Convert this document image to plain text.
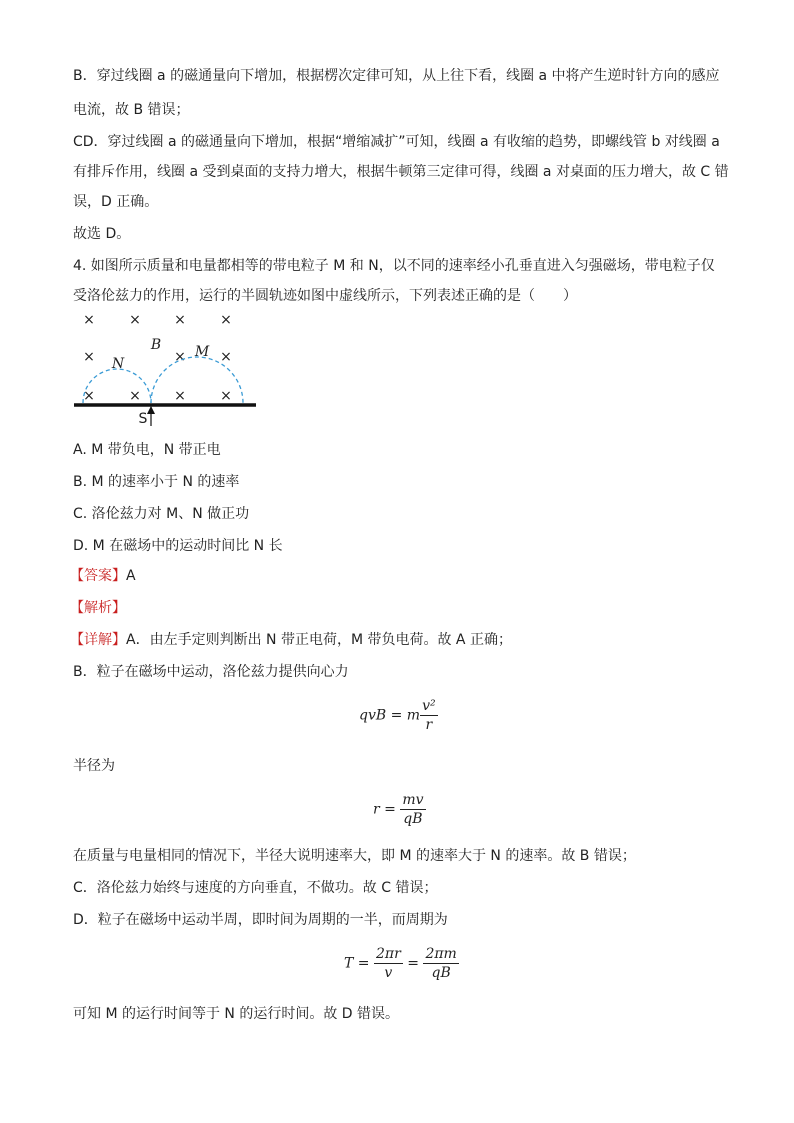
B．穿过线圈 a 的磁通量向下增加，根据楞次定律可知，从上往下看，线圈 a 中将产生逆时针方向的感应
电流，故 B 错误；
CD．穿过线圈 a 的磁通量向下增加，根据“增缩减扩”可知，线圈 a 有收缩的趋势，即螺线管 b 对线圈 a
有排斥作用，线圈 a 受到桌面的支持力增大，根据牛顿第三定律可得，线圈 a 对桌面的压力增大，故 C 错
误，D 正确。
故选 D。
4. 如图所示质量和电量都相等的带电粒子 M 和 N，以不同的速率经小孔垂直进入匀强磁场，带电粒子仅
受洛伦兹力的作用，运行的半圆轨迹如图中虚线所示，下列表述正确的是（　　）
× × × ×
×	× ×
× × × ×
N
B M
S
A. M 带负电，N 带正电
B. M 的速率小于 N 的速率
C. 洛伦兹力对 M、N 做正功
D. M 在磁场中的运动时间比 N 长
【答案】A
【解析】
【详解】A．由左手定则判断出 N 带正电荷，M 带负电荷。故 A 正确；
B．粒子在磁场中运动，洛伦兹力提供向心力
qvB = m $\frac{\text{v²}}{r}$
半径为
$r = \frac{mv}{qB}$
在质量与电量相同的情况下，半径大说明速率大，即 M 的速率大于 N 的速率。故 B 错误；
C．洛伦兹力始终与速度的方向垂直，不做功。故 C 错误；
D．粒子在磁场中运动半周，即时间为周期的一半，而周期为
$T = \frac{2\pi r}{v} = \frac{2\pi m}{qB}$
可知 M 的运行时间等于 N 的运行时间。故 D 错误。
